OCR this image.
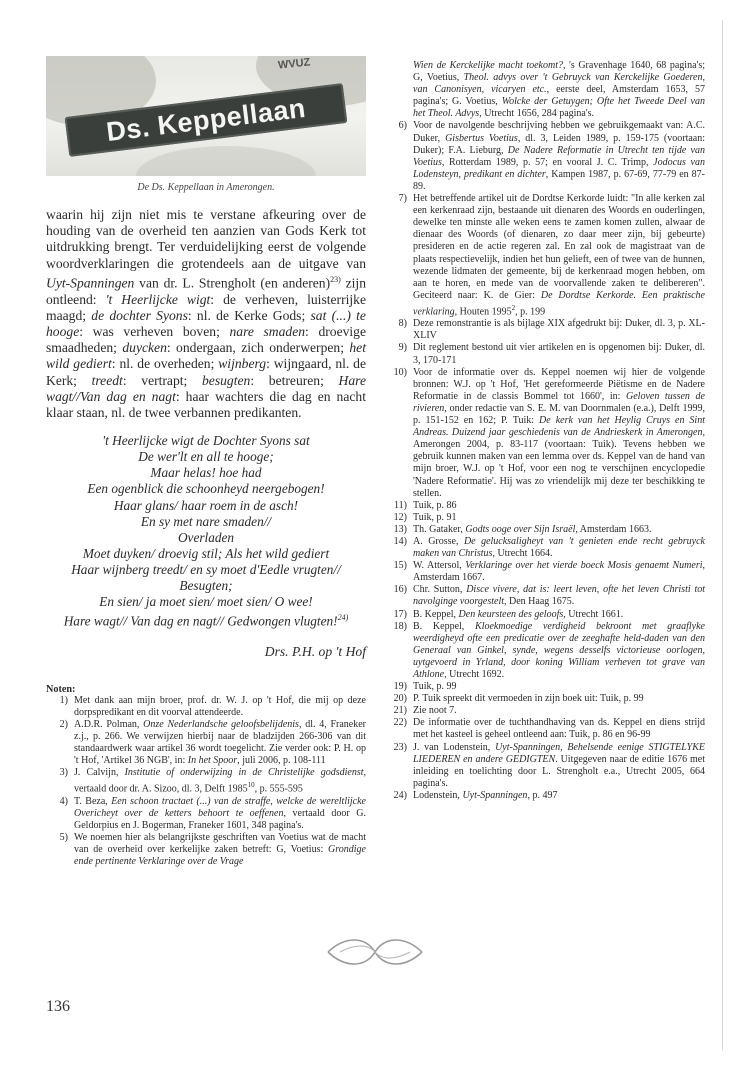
WVUZ
Ds. Keppellaan
De Ds. Keppellaan in Amerongen.
waarin hij zijn niet mis te verstane afkeuring over de houding van de overheid ten aanzien van Gods Kerk tot uitdrukking brengt. Ter verduidelijking eerst de volgende woordverklaringen die grotendeels aan de uitgave van Uyt-Spanningen van dr. L. Strengholt (en anderen)$^{23)}$ zijn ontleend: 't Heerlijcke wigt: de verheven, luisterrijke maagd; de dochter Syons: nl. de Kerke Gods; sat (...) te hooge: was verheven boven; nare smaden: droevige smaadheden; duycken: ondergaan, zich onderwerpen; het wild gediert: nl. de overheden; wijnberg: wijngaard, nl. de Kerk; treedt: vertrapt; besugten: betreuren; Hare wagt//Van dag en nagt: haar wachters die dag en nacht klaar staan, nl. de twee verbannen predikanten.
't Heerlijcke wigt de Dochter Syons sat
De wer'lt en all te hooge;
Maar helas! hoe had
Een ogenblick die schoonheyd neergebogen!
Haar glans/ haar roem in de asch!
En sy met nare smaden//
Overladen
Moet duyken/ droevig stil; Als het wild gediert
Haar wijnberg treedt/ en sy moet d'Eedle vrugten//
Besugten;
En sien/ ja moet sien/ moet sien/ O wee!
Hare wagt// Van dag en nagt// Gedwongen vlugten!$^{24)}$
Drs. P.H. op 't Hof
Noten:
1) Met dank aan mijn broer, prof. dr. W. J. op 't Hof, die mij op deze dorpspredikant en dit voorval attendeerde.
2) A.D.R. Polman, Onze Nederlandsche geloofsbelijdenis, dl. 4, Franeker z.j., p. 266. We verwijzen hierbij naar de bladzijden 266-306 van dit standaardwerk waar artikel 36 wordt toegelicht. Zie verder ook: P. H. op 't Hof, 'Artikel 36 NGB', in: In het Spoor, juli 2006, p. 108-111
3) J. Calvijn, Institutie of onderwijzing in de Christelijke godsdienst, vertaald door dr. A. Sizoo, dl. 3, Delft 1985$^{10}$, p. 555-595
4) T. Beza, Een schoon tractaet (...) van de straffe, welcke de wereltlijcke Overicheyt over de ketters behoort te oeffenen, vertaald door G. Geldorpius en J. Bogerman, Franeker 1601, 348 pagina's.
5) We noemen hier als belangrijkste geschriften van Voetius wat de macht van de overheid over kerkelijke zaken betreft: G, Voetius: Grondige ende pertinente Verklaringe over de Vrage
Wien de Kerckelijke macht toekomt?, 's Gravenhage 1640, 68 pagina's; G, Voetius, Theol. advys over 't Gebruyck van Kerckelijke Goederen, van Canonisyen, vicaryen etc., eerste deel, Amsterdam 1653, 57 pagina's; G. Voetius, Wolcke der Getuygen; Ofte het Tweede Deel van het Theol. Advys, Utrecht 1656, 284 pagina's.
6) Voor de navolgende beschrijving hebben we gebruikgemaakt van: A.C. Duker, Gisbertus Voetius, dl. 3, Leiden 1989, p. 159-175 (voortaan: Duker); F.A. Lieburg, De Nadere Reformatie in Utrecht ten tijde van Voetius, Rotterdam 1989, p. 57; en vooral J. C. Trimp, Jodocus van Lodensteyn, predikant en dichter, Kampen 1987, p. 67-69, 77-79 en 87-89.
7) Het betreffende artikel uit de Dordtse Kerkorde luidt: "In alle kerken zal een kerkenraad zijn, bestaande uit dienaren des Woords en ouderlingen, dewelke ten minste alle weken eens te zamen komen zullen, alwaar de dienaar des Woords (of dienaren, zo daar meer zijn, bij gebeurte) presideren en de actie regeren zal. En zal ook de magistraat van de plaats respectievelijk, indien het hun gelieft, een of twee van de hunnen, wezende lidmaten der gemeente, bij de kerkenraad mogen hebben, om aan te horen, en mede van de voorvallende zaken te delibereren". Geciteerd naar: K. de Gier: De Dordtse Kerkorde. Een praktische verklaring, Houten 1995$^2$, p. 199
8) Deze remonstrantie is als bijlage XIX afgedrukt bij: Duker, dl. 3, p. XL-XLIV
9) Dit reglement bestond uit vier artikelen en is opgenomen bij: Duker, dl. 3, 170-171
10) Voor de informatie over ds. Keppel noemen wij hier de volgende bronnen: W.J. op 't Hof, 'Het gereformeerde Piëtisme en de Nadere Reformatie in de classis Bommel tot 1660', in: Geloven tussen de rivieren, onder redactie van S. E. M. van Doornmalen (e.a.), Delft 1999, p. 151-152 en 162; P. Tuik: De kerk van het Heylig Cruys en Sint Andreas. Duizend jaar geschiedenis van de Andrieskerk in Amerongen, Amerongen 2004, p. 83-117 (voortaan: Tuik). Tevens hebben we gebruik kunnen maken van een lemma over ds. Keppel van de hand van mijn broer, W.J. op 't Hof, voor een nog te verschijnen encyclopedie 'Nadere Reformatie'. Hij was zo vriendelijk mij deze ter beschikking te stellen.
11) Tuik, p. 86
12) Tuik, p. 91
13) Th. Gataker, Godts ooge over Sijn Israël, Amsterdam 1663.
14) A. Grosse, De gelucksaligheyt van 't genieten ende recht gebruyck maken van Christus, Utrecht 1664.
15) W. Attersol, Verklaringe over het vierde boeck Mosis genaemt Numeri, Amsterdam 1667.
16) Chr. Sutton, Disce vivere, dat is: leert leven, ofte het leven Christi tot navolginge voorgestelt, Den Haag 1675.
17) B. Keppel, Den keursteen des geloofs, Utrecht 1661.
18) B. Keppel, Kloekmoedige verdigheid bekroont met graaflyke weerdigheyd ofte een predicatie over de zeeghafte held-daden van den Generaal van Ginkel, synde, wegens desselfs victorieuse oorlogen, uytgevoerd in Yrland, door koning William verheven tot grave van Athlone, Utrecht 1692.
19) Tuik, p. 99
20) P. Tuik spreekt dit vermoeden in zijn boek uit: Tuik, p. 99
21) Zie noot 7.
22) De informatie over de tuchthandhaving van ds. Keppel en diens strijd met het kasteel is geheel ontleend aan: Tuik, p. 86 en 96-99
23) J. van Lodenstein, Uyt-Spanningen, Behelsende eenige STIGTELYKE LIEDEREN en andere GEDIGTEN. Uitgegeven naar de editie 1676 met inleiding en toelichting door L. Strengholt e.a., Utrecht 2005, 664 pagina's.
24) Lodenstein, Uyt-Spanningen, p. 497
136
